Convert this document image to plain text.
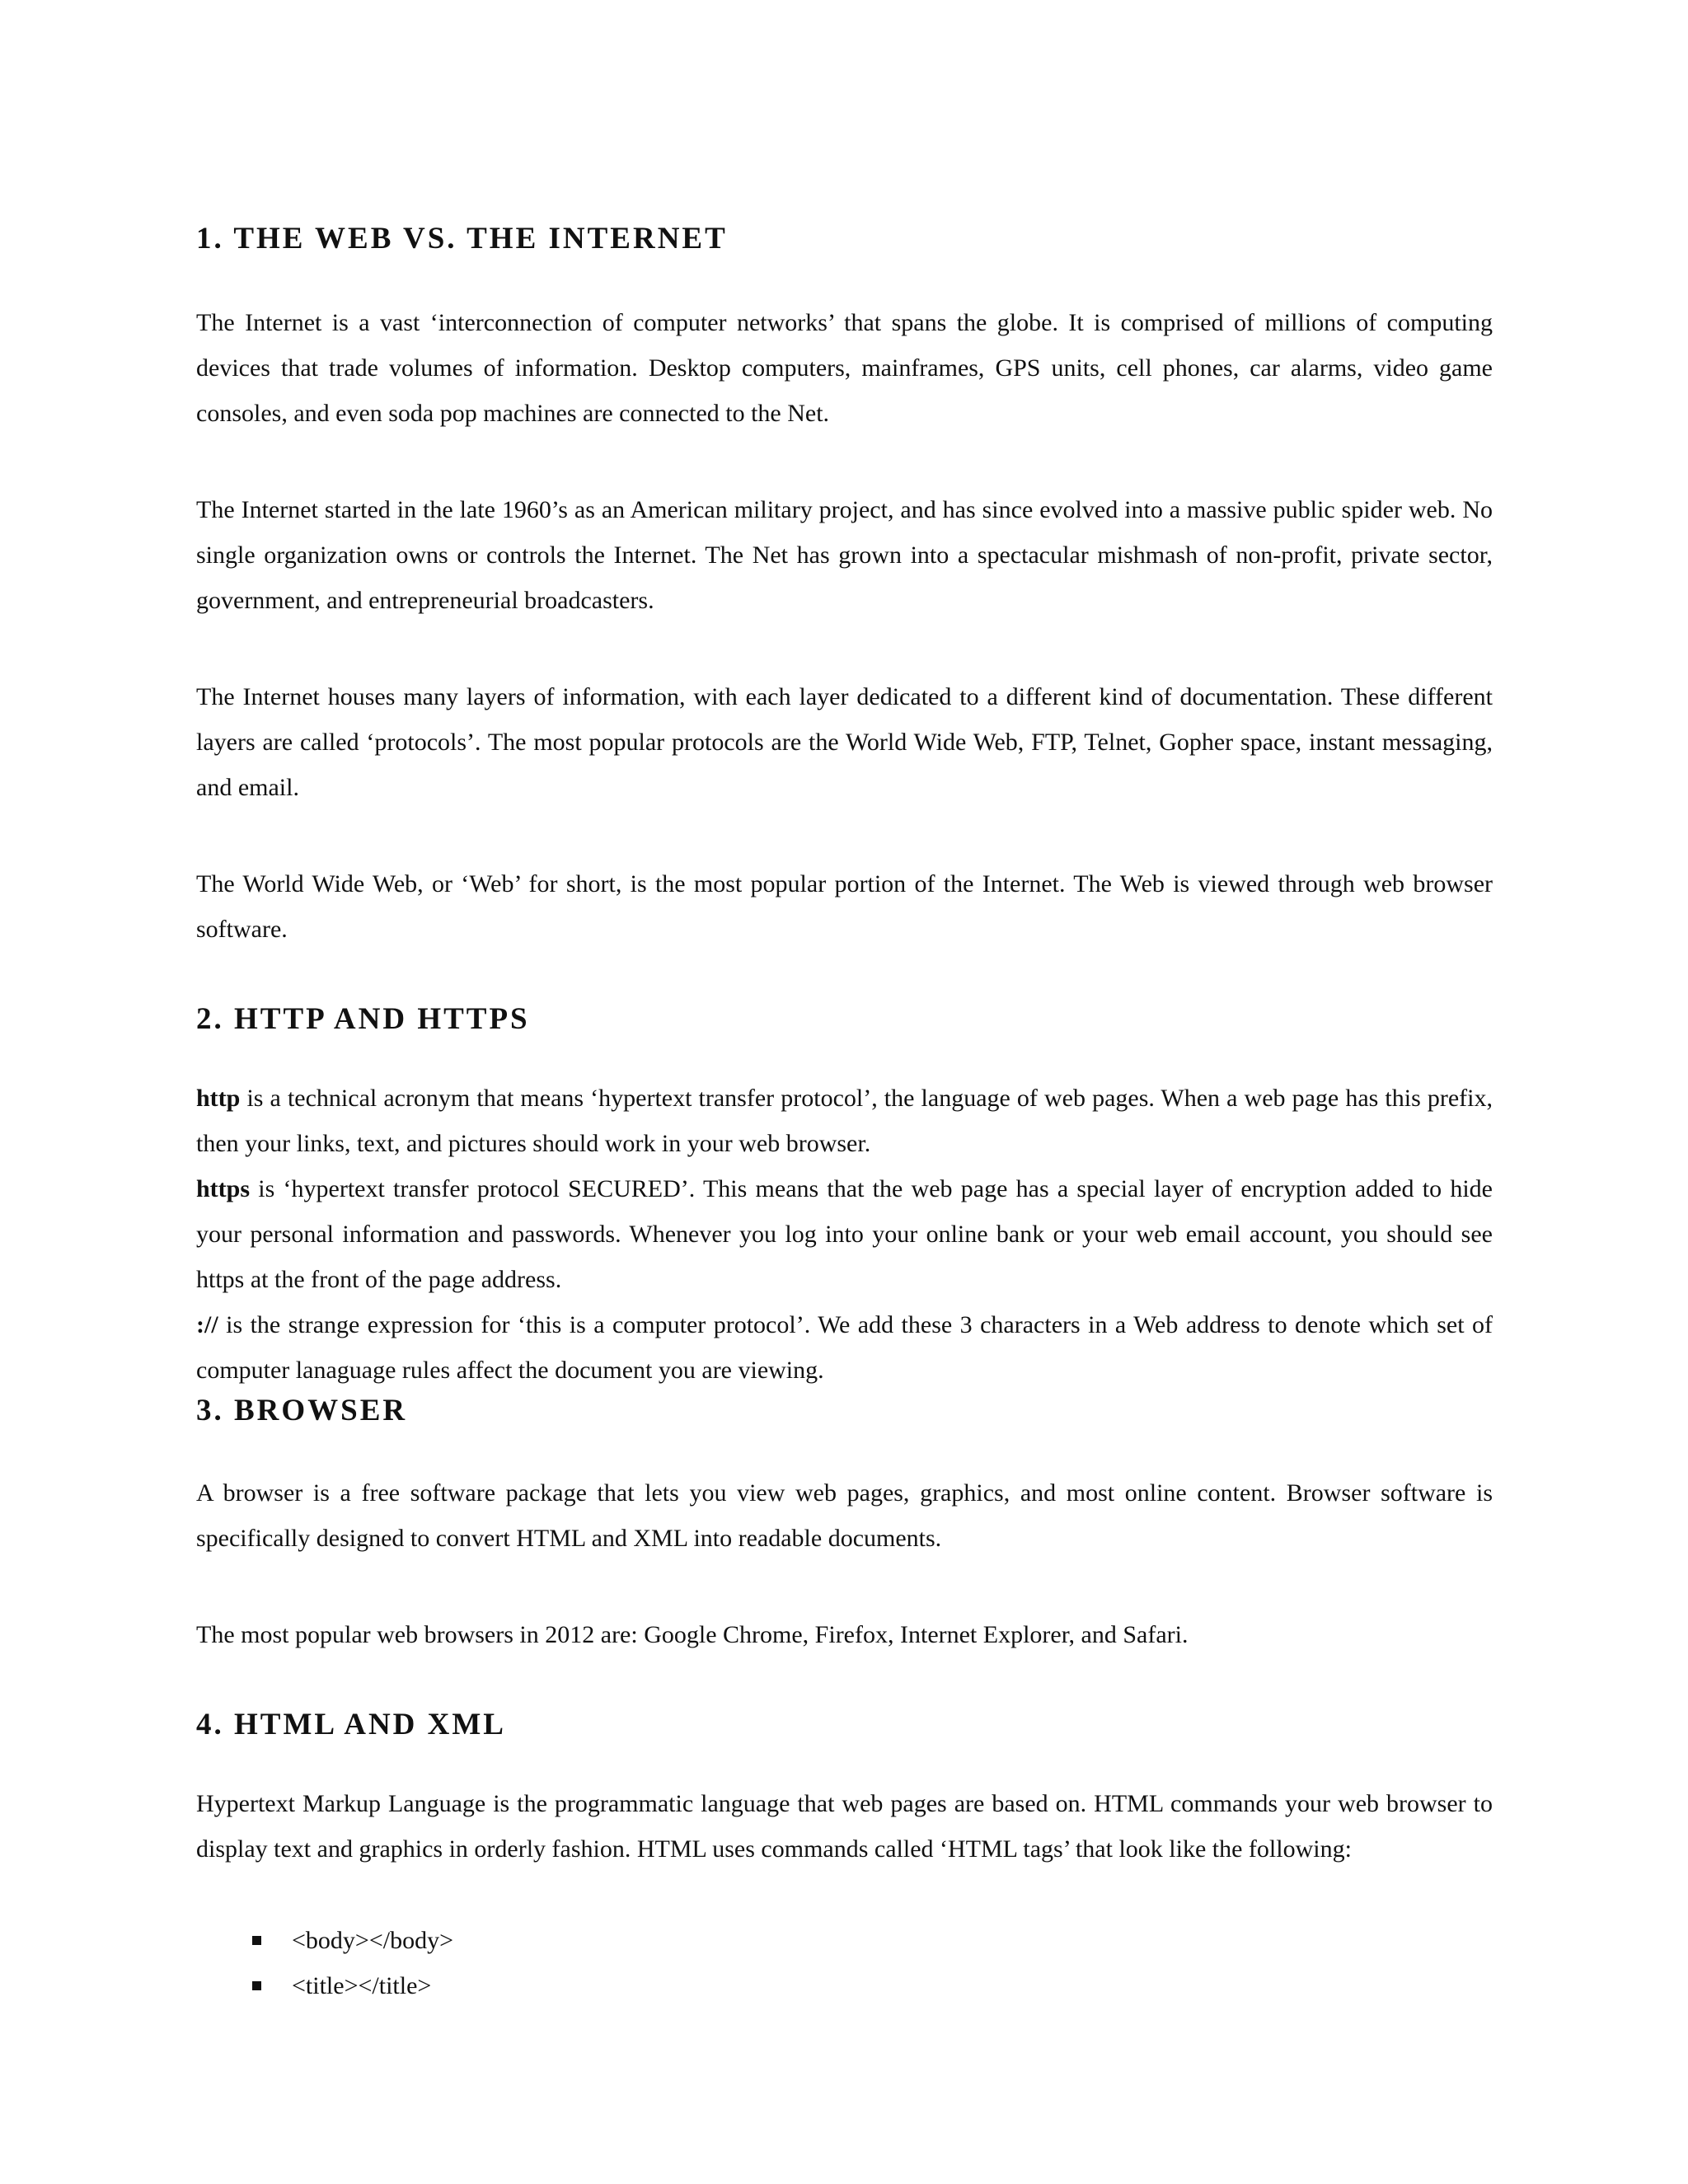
1. THE WEB VS. THE INTERNET

The Internet is a vast ‘interconnection of computer networks’ that spans the globe. It is comprised of millions of computing devices that trade volumes of information. Desktop computers, mainframes, GPS units, cell phones, car alarms, video game consoles, and even soda pop machines are connected to the Net.

The Internet started in the late 1960’s as an American military project, and has since evolved into a massive public spider web. No single organization owns or controls the Internet. The Net has grown into a spectacular mishmash of non-profit, private sector, government, and entrepreneurial broadcasters.

The Internet houses many layers of information, with each layer dedicated to a different kind of documentation. These different layers are called ‘protocols’. The most popular protocols are the World Wide Web, FTP, Telnet, Gopher space, instant messaging, and email.

The World Wide Web, or ‘Web’ for short, is the most popular portion of the Internet. The Web is viewed through web browser software.

2. HTTP AND HTTPS

http is a technical acronym that means ‘hypertext transfer protocol’, the language of web pages. When a web page has this prefix, then your links, text, and pictures should work in your web browser.

https is ‘hypertext transfer protocol SECURED’. This means that the web page has a special layer of encryption added to hide your personal information and passwords. Whenever you log into your online bank or your web email account, you should see https at the front of the page address.

:// is the strange expression for ‘this is a computer protocol’. We add these 3 characters in a Web address to denote which set of computer lanaguage rules affect the document you are viewing.

3. BROWSER

A browser is a free software package that lets you view web pages, graphics, and most online content. Browser software is specifically designed to convert HTML and XML into readable documents.

The most popular web browsers in 2012 are: Google Chrome, Firefox, Internet Explorer, and Safari.

4. HTML AND XML

Hypertext Markup Language is the programmatic language that web pages are based on. HTML commands your web browser to display text and graphics in orderly fashion. HTML uses commands called ‘HTML tags’ that look like the following:

<body></body>
<title></title>
